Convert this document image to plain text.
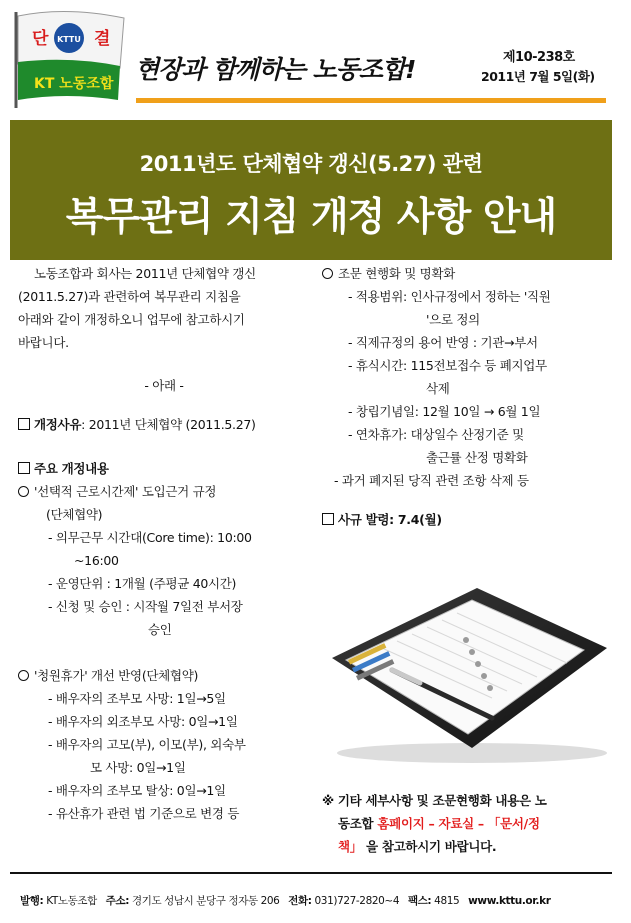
KTTU
단	결
KT 노동조합 현장과 함께하는 노동조합!	제10-238호
2011년 7월 5일(화)
2011년도 단체협약 갱신(5.27) 관련
복무관리 지침 개정 사항 안내
노동조합과 회사는 2011년 단체협약 갱신
(2011.5.27)과 관련하여 복무관리 지침을
아래와 같이 개정하오니 업무에 참고하시기
바랍니다.
- 아래 -
개정사유: 2011년 단체협약 (2011.5.27)
주요 개정내용
'선택적 근로시간제' 도입근거 규정
(단체협약)
- 의무근무 시간대(Core time): 10:00
~16:00
- 운영단위 : 1개월 (주평균 40시간)
- 신청 및 승인 : 시작월 7일전 부서장
승인
'청원휴가' 개선 반영(단체협약)
- 배우자의 조부모 사망: 1일→5일
- 배우자의 외조부모 사망: 0일→1일
- 배우자의 고모(부), 이모(부), 외숙부
모 사망: 0일→1일
- 배우자의 조부모 탈상: 0일→1일
- 유산휴가 관련 법 기준으로 변경 등
조문 현행화 및 명확화
- 적용범위: 인사규정에서 정하는 '직원
'으로 정의
- 직제규정의 용어 반영 : 기관→부서
- 휴식시간: 115전보접수 등 폐지업무
삭제
- 창립기념일: 12월 10일 → 6월 1일
- 연차휴가: 대상일수 산정기준 및
출근률 산정 명확화
- 과거 폐지된 당직 관련 조항 삭제 등
사규 발령: 7.4(월)
※ 기타 세부사항 및 조문현행화 내용은 노
동조합 홈페이지 – 자료실 – 「문서/정
책」 을 참고하시기 바랍니다.
발행: KT노동조합 주소: 경기도 성남시 분당구 정자동 206 전화: 031)727-2820~4 팩스: 4815 www.kttu.or.kr
